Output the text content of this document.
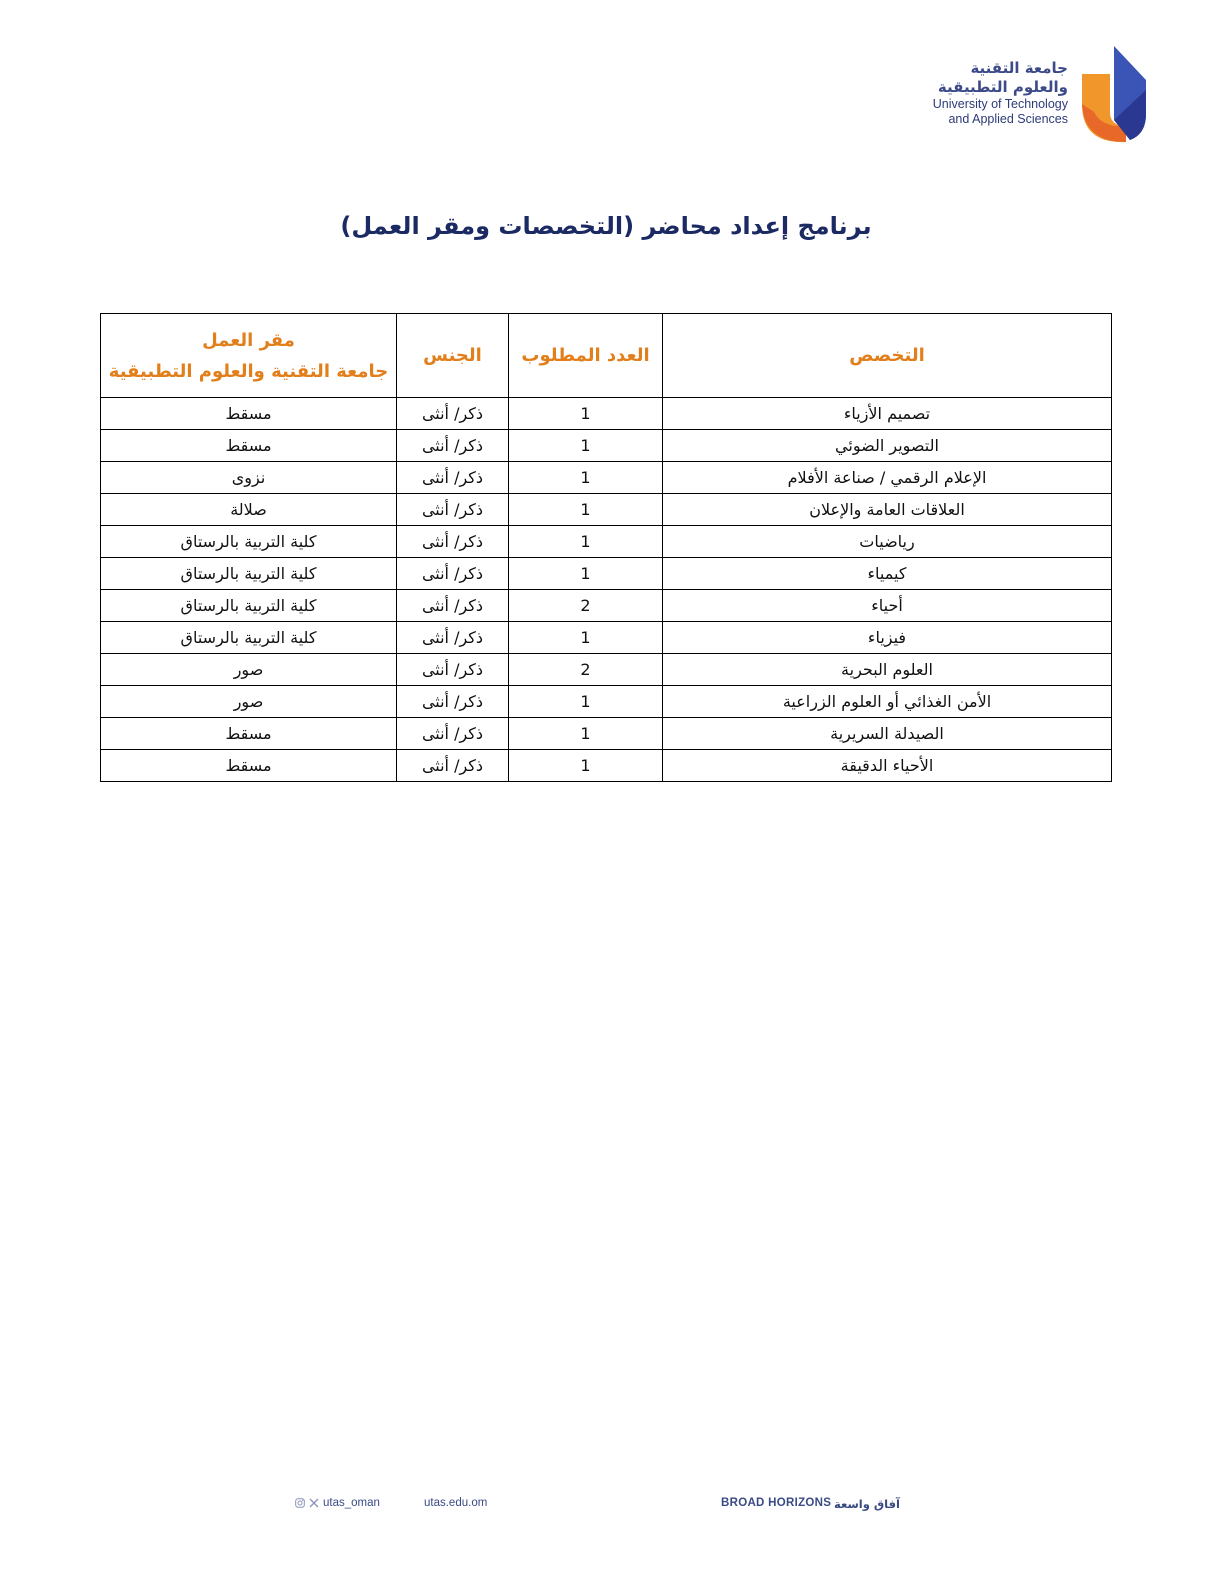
جامعة التقنية
والعلوم التطبيقية
University of Technology
and Applied Sciences
برنامج إعداد محاضر (التخصصات ومقر العمل)
التخصص	العدد المطلوب	الجنس	مقر العمل
جامعة التقنية والعلوم التطبيقية

تصميم الأزياء	1	ذكر/ أنثى	مسقط
التصوير الضوئي	1	ذكر/ أنثى	مسقط
الإعلام الرقمي / صناعة الأفلام	1	ذكر/ أنثى	نزوى
العلاقات العامة والإعلان	1	ذكر/ أنثى	صلالة
رياضيات	1	ذكر/ أنثى	كلية التربية بالرستاق
كيمياء	1	ذكر/ أنثى	كلية التربية بالرستاق
أحياء	2	ذكر/ أنثى	كلية التربية بالرستاق
فيزياء	1	ذكر/ أنثى	كلية التربية بالرستاق
العلوم البحرية	2	ذكر/ أنثى	صور
الأمن الغذائي أو العلوم الزراعية	1	ذكر/ أنثى	صور
الصيدلة السريرية	1	ذكر/ أنثى	مسقط
الأحياء الدقيقة	1	ذكر/ أنثى	مسقط
utas_oman	utas.edu.om	BROAD HORIZONS آفاق واسعة
